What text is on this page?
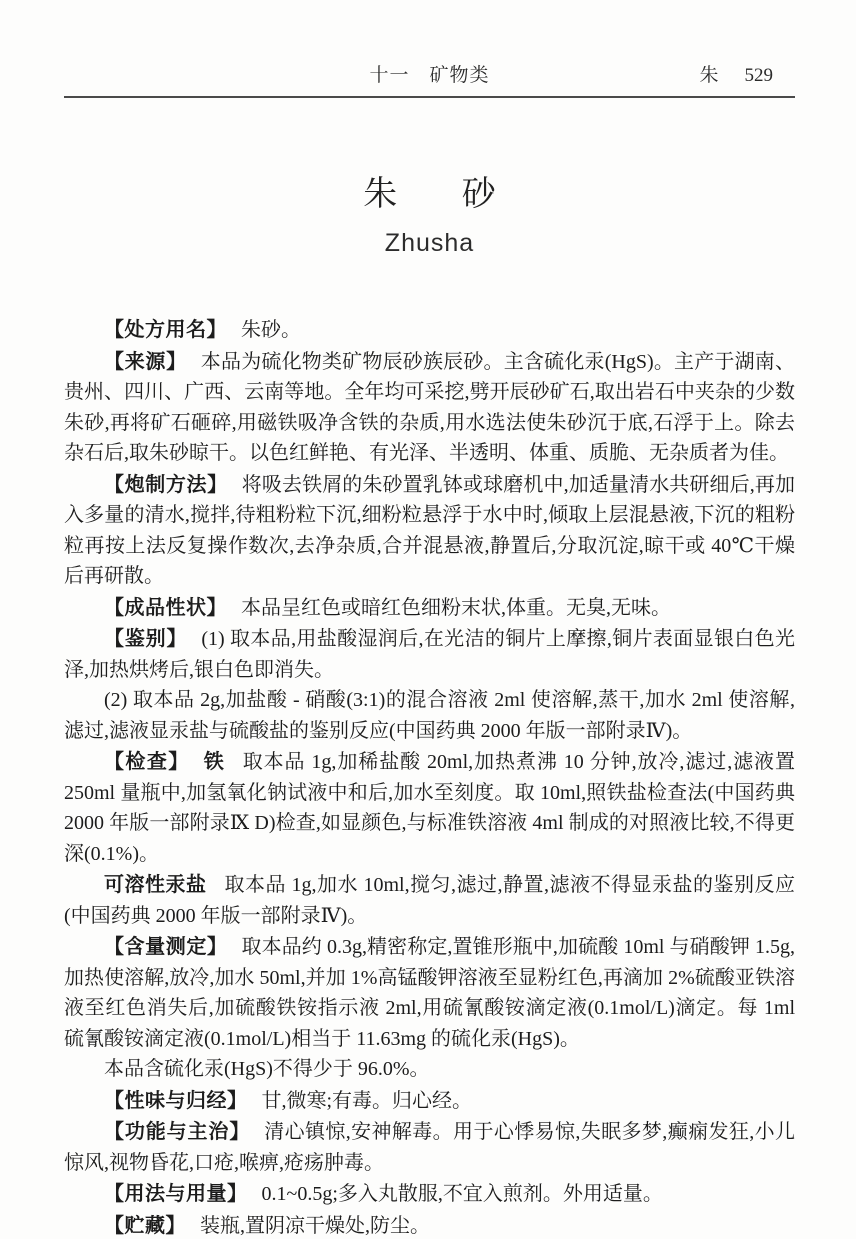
十一　矿物类	朱 529
朱砂
Zhusha

【处方用名】 朱砂。

【来源】 本品为硫化物类矿物辰砂族辰砂。主含硫化汞(HgS)。主产于湖南、贵州、四川、广西、云南等地。全年均可采挖,劈开辰砂矿石,取出岩石中夹杂的少数朱砂,再将矿石砸碎,用磁铁吸净含铁的杂质,用水选法使朱砂沉于底,石浮于上。除去杂石后,取朱砂晾干。以色红鲜艳、有光泽、半透明、体重、质脆、无杂质者为佳。

【炮制方法】 将吸去铁屑的朱砂置乳钵或球磨机中,加适量清水共研细后,再加入多量的清水,搅拌,待粗粉粒下沉,细粉粒悬浮于水中时,倾取上层混悬液,下沉的粗粉粒再按上法反复操作数次,去净杂质,合并混悬液,静置后,分取沉淀,晾干或 40℃干燥后再研散。

【成品性状】 本品呈红色或暗红色细粉末状,体重。无臭,无味。

【鉴别】 (1) 取本品,用盐酸湿润后,在光洁的铜片上摩擦,铜片表面显银白色光泽,加热烘烤后,银白色即消失。

(2) 取本品 2g,加盐酸 - 硝酸(3:1)的混合溶液 2ml 使溶解,蒸干,加水 2ml 使溶解,滤过,滤液显汞盐与硫酸盐的鉴别反应(中国药典 2000 年版一部附录Ⅳ)。

【检查】 铁 取本品 1g,加稀盐酸 20ml,加热煮沸 10 分钟,放冷,滤过,滤液置 250ml 量瓶中,加氢氧化钠试液中和后,加水至刻度。取 10ml,照铁盐检查法(中国药典 2000 年版一部附录Ⅸ D)检查,如显颜色,与标准铁溶液 4ml 制成的对照液比较,不得更深(0.1%)。

可溶性汞盐 取本品 1g,加水 10ml,搅匀,滤过,静置,滤液不得显汞盐的鉴别反应(中国药典 2000 年版一部附录Ⅳ)。

【含量测定】 取本品约 0.3g,精密称定,置锥形瓶中,加硫酸 10ml 与硝酸钾 1.5g,加热使溶解,放冷,加水 50ml,并加 1%高锰酸钾溶液至显粉红色,再滴加 2%硫酸亚铁溶液至红色消失后,加硫酸铁铵指示液 2ml,用硫氰酸铵滴定液(0.1mol/L)滴定。每 1ml 硫氰酸铵滴定液(0.1mol/L)相当于 11.63mg 的硫化汞(HgS)。

本品含硫化汞(HgS)不得少于 96.0%。

【性味与归经】 甘,微寒;有毒。归心经。

【功能与主治】 清心镇惊,安神解毒。用于心悸易惊,失眠多梦,癫痫发狂,小儿惊风,视物昏花,口疮,喉痹,疮疡肿毒。

【用法与用量】 0.1~0.5g;多入丸散服,不宜入煎剂。外用适量。

【贮藏】 装瓶,置阴凉干燥处,防尘。
